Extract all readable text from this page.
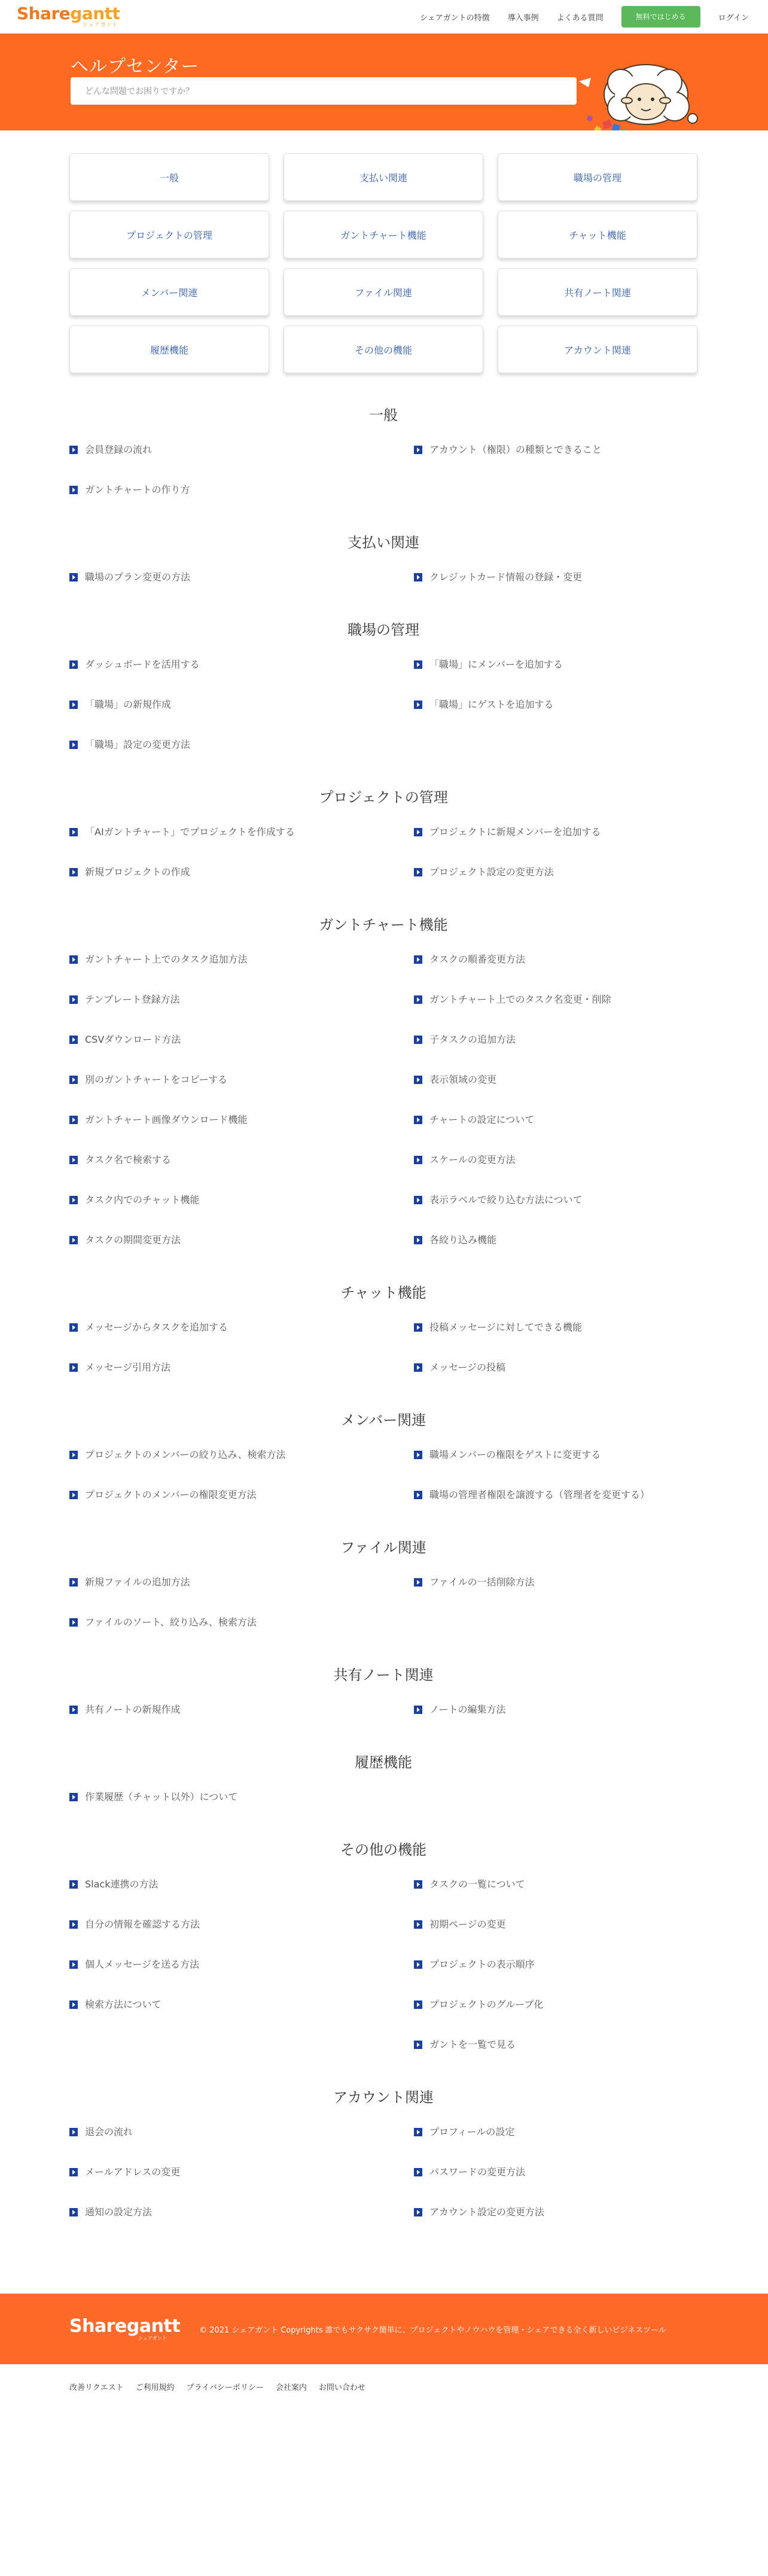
Sharegantt
シェアガント
シェアガントの特徴 導入事例 よくある質問	無料ではじめる	ログイン
ヘルプセンター
どんな問題でお困りですか？
一般	支払い関連	職場の管理
プロジェクトの管理	ガントチャート機能	チャット機能
メンバー関連	ファイル関連	共有ノート関連
履歴機能	その他の機能	アカウント関連
一般
会員登録の流れ	アカウント（権限）の種類とできること
ガントチャートの作り方
支払い関連
職場のプラン変更の方法	クレジットカード情報の登録・変更
職場の管理
ダッシュボードを活用する	「職場」にメンバーを追加する
「職場」の新規作成	「職場」にゲストを追加する
「職場」設定の変更方法
プロジェクトの管理
「AIガントチャート」でプロジェクトを作成する	プロジェクトに新規メンバーを追加する
新規プロジェクトの作成	プロジェクト設定の変更方法
ガントチャート機能
ガントチャート上でのタスク追加方法	タスクの順番変更方法
テンプレート登録方法	ガントチャート上でのタスク名変更・削除
CSVダウンロード方法	子タスクの追加方法
別のガントチャートをコピーする	表示領域の変更
ガントチャート画像ダウンロード機能	チャートの設定について
タスク名で検索する	スケールの変更方法
タスク内でのチャット機能	表示ラベルで絞り込む方法について
タスクの期間変更方法	各絞り込み機能
チャット機能
メッセージからタスクを追加する	投稿メッセージに対してできる機能
メッセージ引用方法	メッセージの投稿
メンバー関連
プロジェクトのメンバーの絞り込み、検索方法	職場メンバーの権限をゲストに変更する
プロジェクトのメンバーの権限変更方法	職場の管理者権限を譲渡する（管理者を変更する）
ファイル関連
新規ファイルの追加方法	ファイルの一括削除方法
ファイルのソート、絞り込み、検索方法
共有ノート関連
共有ノートの新規作成	ノートの編集方法
履歴機能
作業履歴（チャット以外）について
その他の機能
Slack連携の方法	タスクの一覧について
自分の情報を確認する方法	初期ページの変更
個人メッセージを送る方法	プロジェクトの表示順序
検索方法について	プロジェクトのグループ化
ガントを一覧で見る
アカウント関連
退会の流れ	プロフィールの設定
メールアドレスの変更	パスワードの変更方法
通知の設定方法	アカウント設定の変更方法
Sharegantt
シェアガント
© 2021 シェアガント Copyrights 誰でもサクサク簡単に、プロジェクトやノウハウを管理・シェアできる全く新しいビジネスツール
改善リクエスト ご利用規約 プライバシーポリシー 会社案内 お問い合わせ
